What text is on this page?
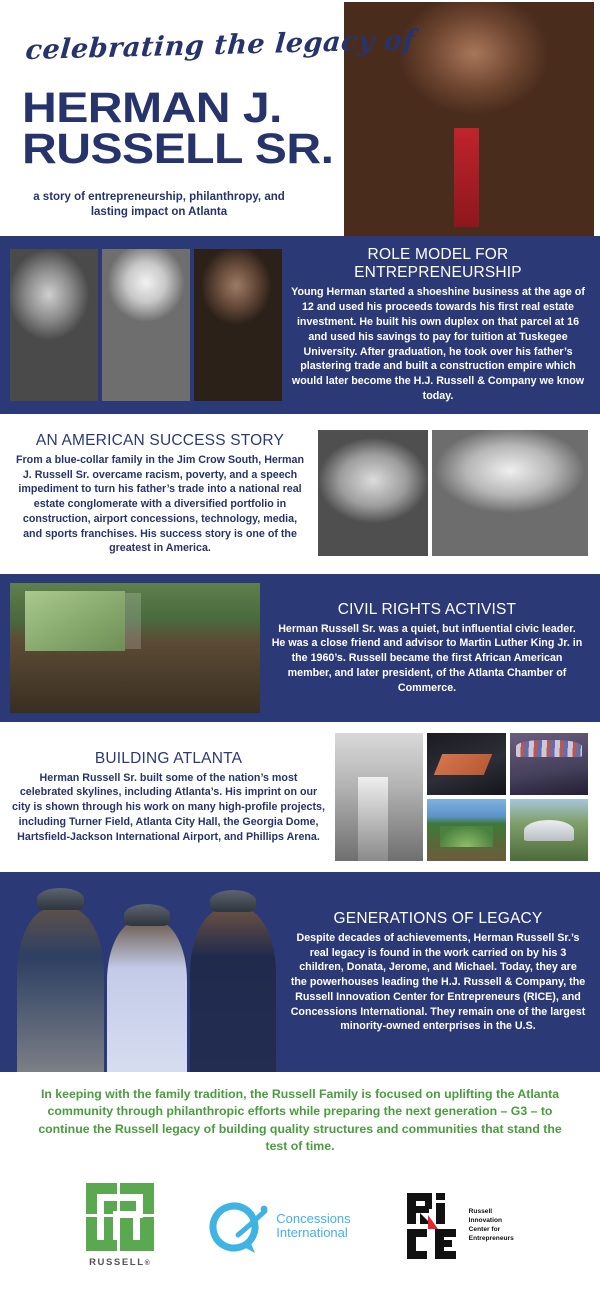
celebrating the legacy of
HERMAN J.
RUSSELL SR.
a story of entrepreneurship, philanthropy, and lasting impact on Atlanta
ROLE MODEL FOR ENTREPRENEURSHIP
Young Herman started a shoeshine business at the age of 12 and used his proceeds towards his first real estate investment. He built his own duplex on that parcel at 16 and used his savings to pay for tuition at Tuskegee University. After graduation, he took over his father’s plastering trade and built a construction empire which would later become the H.J. Russell & Company we know today.
AN AMERICAN SUCCESS STORY
From a blue-collar family in the Jim Crow South, Herman J. Russell Sr. overcame racism, poverty, and a speech impediment to turn his father’s trade into a national real estate conglomerate with a diversified portfolio in construction, airport concessions, technology, media, and sports franchises. His success story is one of the greatest in America.
CIVIL RIGHTS ACTIVIST
Herman Russell Sr. was a quiet, but influential civic leader. He was a close friend and advisor to Martin Luther King Jr. in the 1960’s. Russell became the first African American member, and later president, of the Atlanta Chamber of Commerce.
BUILDING ATLANTA
Herman Russell Sr. built some of the nation’s most celebrated skylines, including Atlanta’s. His imprint on our city is shown through his work on many high-profile projects, including Turner Field, Atlanta City Hall, the Georgia Dome, Hartsfield-Jackson International Airport, and Phillips Arena.
GENERATIONS OF LEGACY
Despite decades of achievements, Herman Russell Sr.’s real legacy is found in the work carried on by his 3 children, Donata, Jerome, and Michael. Today, they are the powerhouses leading the H.J. Russell & Company, the Russell Innovation Center for Entrepreneurs (RICE), and Concessions International. They remain one of the largest minority-owned enterprises in the U.S.
In keeping with the family tradition, the Russell Family is focused on uplifting the Atlanta community through philanthropic efforts while preparing the next generation – G3 – to continue the Russell legacy of building quality structures and communities that stand the test of time.
RUSSELL®
Concessions
International
Russell
Innovation
Center for
Entrepreneurs
